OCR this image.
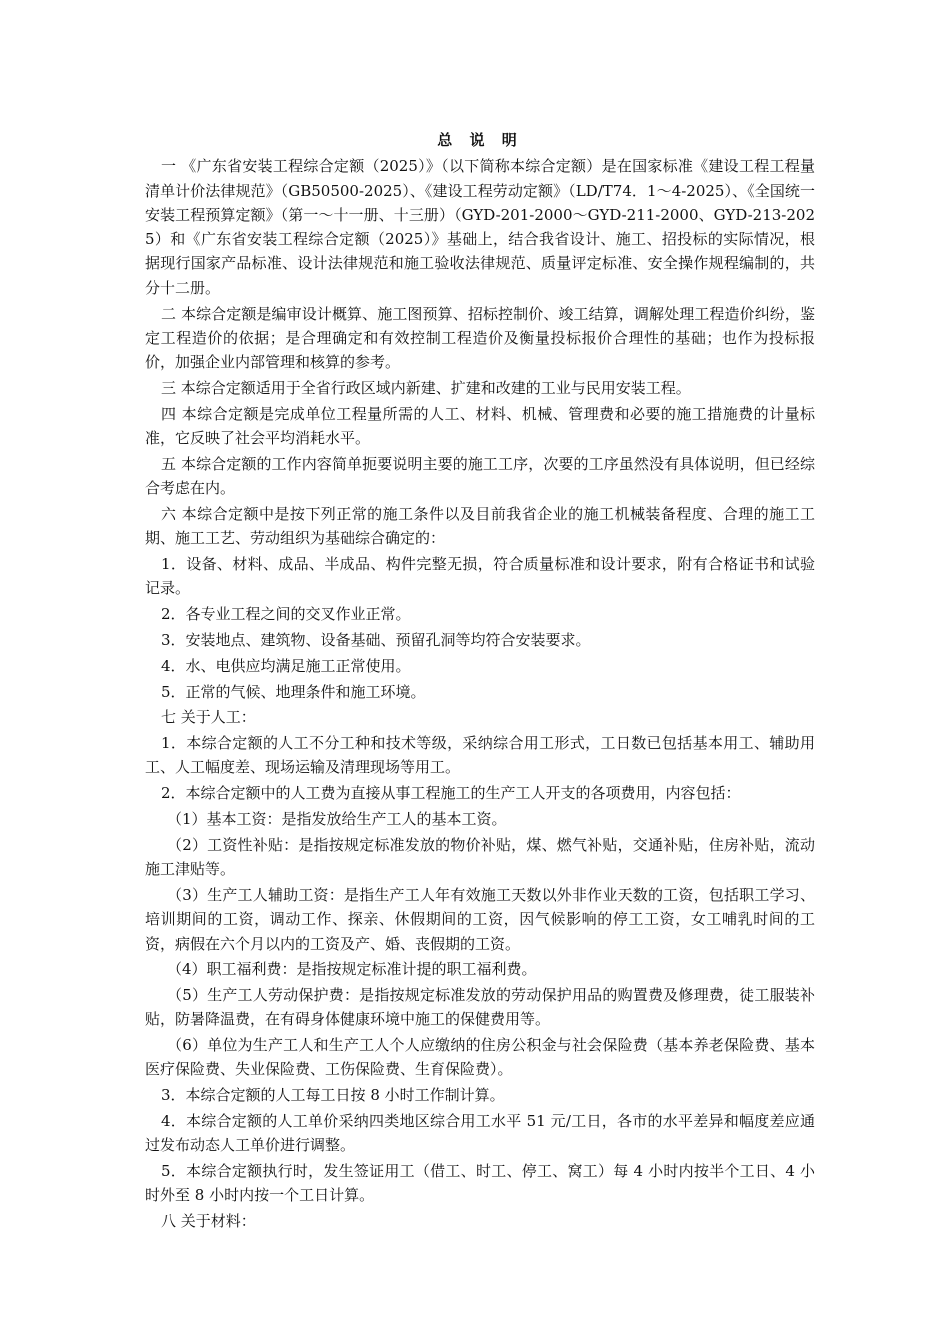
总 说 明

一 《广东省安装工程综合定额（2025）》（以下简称本综合定额）是在国家标准《建设工程工程量清单计价法律规范》（GB50500-2025）、《建设工程劳动定额》（LD/T74．1～4-2025）、《全国统一安装工程预算定额》（第一～十一册、十三册）（GYD-201-2000～GYD-211-2000、GYD-213-2025）和《广东省安装工程综合定额（2025）》基础上，结合我省设计、施工、招投标的实际情况，根据现行国家产品标准、设计法律规范和施工验收法律规范、质量评定标准、安全操作规程编制的，共分十二册。

二 本综合定额是编审设计概算、施工图预算、招标控制价、竣工结算，调解处理工程造价纠纷，鉴定工程造价的依据；是合理确定和有效控制工程造价及衡量投标报价合理性的基础；也作为投标报价，加强企业内部管理和核算的参考。

三 本综合定额适用于全省行政区域内新建、扩建和改建的工业与民用安装工程。

四 本综合定额是完成单位工程量所需的人工、材料、机械、管理费和必要的施工措施费的计量标准，它反映了社会平均消耗水平。

五 本综合定额的工作内容简单扼要说明主要的施工工序，次要的工序虽然没有具体说明，但已经综合考虑在内。

六 本综合定额中是按下列正常的施工条件以及目前我省企业的施工机械装备程度、合理的施工工期、施工工艺、劳动组织为基础综合确定的：

1．设备、材料、成品、半成品、构件完整无损，符合质量标准和设计要求，附有合格证书和试验记录。

2．各专业工程之间的交叉作业正常。

3．安装地点、建筑物、设备基础、预留孔洞等均符合安装要求。

4．水、电供应均满足施工正常使用。

5．正常的气候、地理条件和施工环境。

七 关于人工：

1．本综合定额的人工不分工种和技术等级，采纳综合用工形式，工日数已包括基本用工、辅助用工、人工幅度差、现场运输及清理现场等用工。

2．本综合定额中的人工费为直接从事工程施工的生产工人开支的各项费用，内容包括：

（1）基本工资：是指发放给生产工人的基本工资。

（2）工资性补贴：是指按规定标准发放的物价补贴，煤、燃气补贴，交通补贴，住房补贴，流动施工津贴等。

（3）生产工人辅助工资：是指生产工人年有效施工天数以外非作业天数的工资，包括职工学习、培训期间的工资，调动工作、探亲、休假期间的工资，因气候影响的停工工资，女工哺乳时间的工资，病假在六个月以内的工资及产、婚、丧假期的工资。

（4）职工福利费：是指按规定标准计提的职工福利费。

（5）生产工人劳动保护费：是指按规定标准发放的劳动保护用品的购置费及修理费，徒工服装补贴，防暑降温费，在有碍身体健康环境中施工的保健费用等。

（6）单位为生产工人和生产工人个人应缴纳的住房公积金与社会保险费（基本养老保险费、基本医疗保险费、失业保险费、工伤保险费、生育保险费）。

3．本综合定额的人工每工日按 8 小时工作制计算。

4．本综合定额的人工单价采纳四类地区综合用工水平 51 元/工日，各市的水平差异和幅度差应通过发布动态人工单价进行调整。

5．本综合定额执行时，发生签证用工（借工、时工、停工、窝工）每 4 小时内按半个工日、4 小时外至 8 小时内按一个工日计算。

八 关于材料：
